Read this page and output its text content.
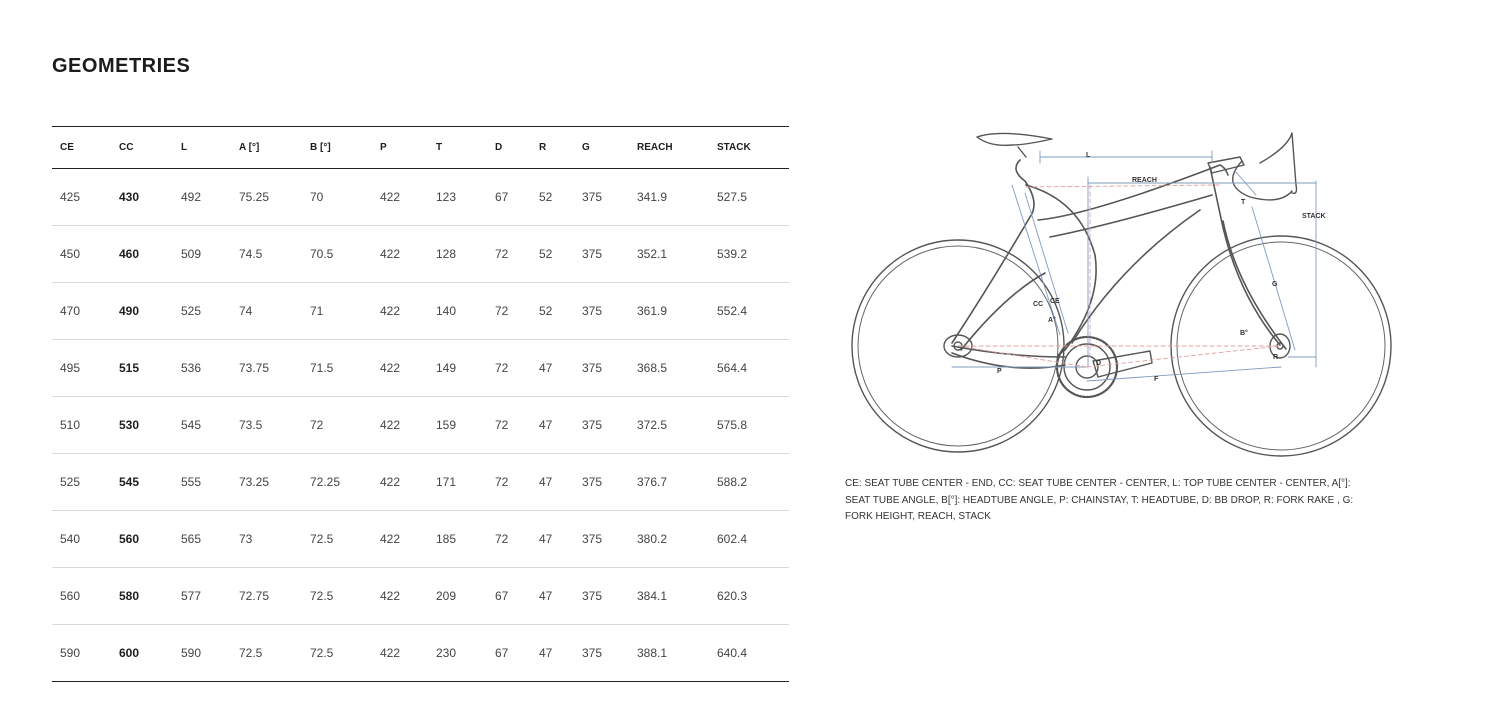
GEOMETRIES
CE	CC	L	A [°]	B [°]	P	T	D	R	G	REACH	STACK
425	430	492	75.25	70	422	123	67	52	375	341.9	527.5
450	460	509	74.5	70.5	422	128	72	52	375	352.1	539.2
470	490	525	74	71	422	140	72	52	375	361.9	552.4
495	515	536	73.75	71.5	422	149	72	47	375	368.5	564.4
510	530	545	73.5	72	422	159	72	47	375	372.5	575.8
525	545	555	73.25	72.25	422	171	72	47	375	376.7	588.2
540	560	565	73	72.5	422	185	72	47	375	380.2	602.4
560	580	577	72.75	72.5	422	209	67	47	375	384.1	620.3
590	600	590	72.5	72.5	422	230	67	47	375	388.1	640.4
L
REACH
STACK
T
G
CC CE
A°
B°
P
F
D
R
CE: SEAT TUBE CENTER - END, CC: SEAT TUBE CENTER - CENTER, L: TOP TUBE CENTER - CENTER, A[°]: SEAT TUBE ANGLE, B[°]: HEADTUBE ANGLE, P: CHAINSTAY, T: HEADTUBE, D: BB DROP, R: FORK RAKE , G: FORK HEIGHT, REACH, STACK
